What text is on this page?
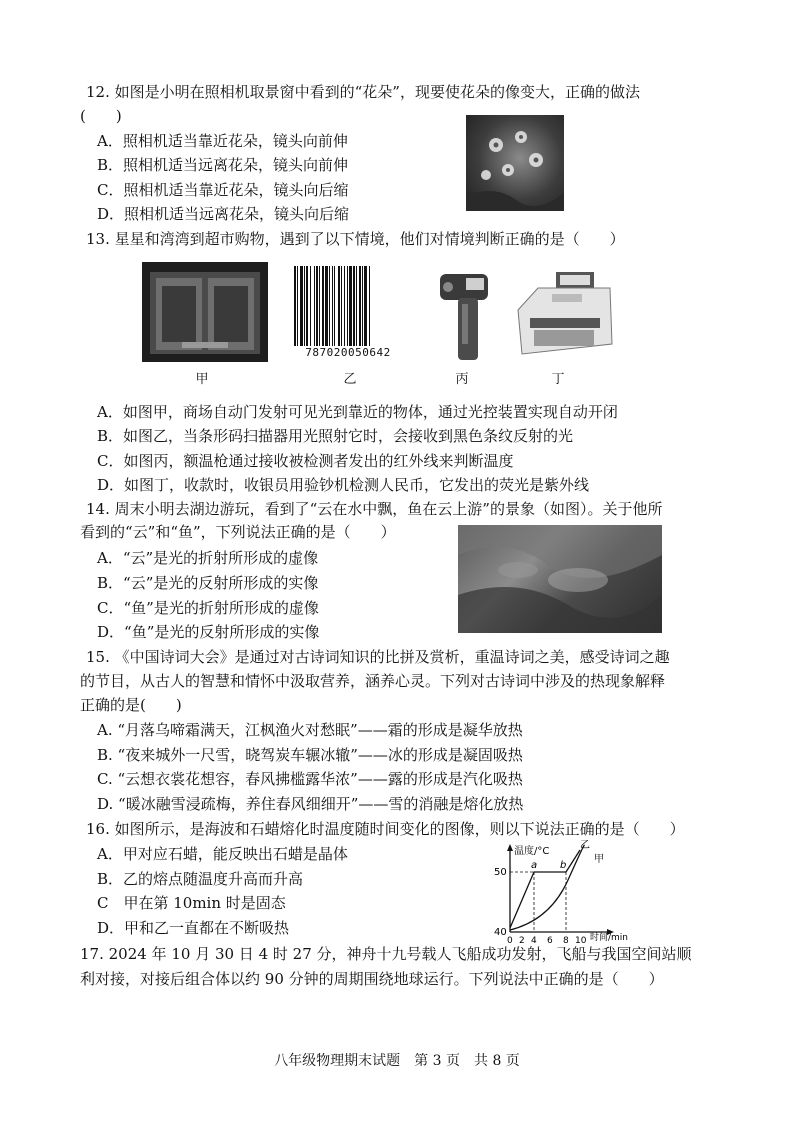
12. 如图是小明在照相机取景窗中看到的“花朵”，现要使花朵的像变大，正确的做法
(　　)
A．照相机适当靠近花朵，镜头向前伸
B．照相机适当远离花朵，镜头向前伸
C．照相机适当靠近花朵，镜头向后缩
D．照相机适当远离花朵，镜头向后缩
13. 星星和湾湾到超市购物，遇到了以下情境，他们对情境判断正确的是（　　）
787020050642
甲	乙	丙	丁
A．如图甲，商场自动门发射可见光到靠近的物体，通过光控装置实现自动开闭
B．如图乙，当条形码扫描器用光照射它时，会接收到黑色条纹反射的光
C．如图丙，额温枪通过接收被检测者发出的红外线来判断温度
D．如图丁，收款时，收银员用验钞机检测人民币，它发出的荧光是紫外线
14. 周末小明去湖边游玩，看到了“云在水中飘，鱼在云上游”的景象（如图）。关于他所
看到的“云”和“鱼”，下列说法正确的是（　　）
A．“云”是光的折射所形成的虚像
B．“云”是光的反射所形成的实像
C．“鱼”是光的折射所形成的虚像
D．“鱼”是光的反射所形成的实像
15. 《中国诗词大会》是通过对古诗词知识的比拼及赏析，重温诗词之美，感受诗词之趣
的节目，从古人的智慧和情怀中汲取营养，涵养心灵。下列对古诗词中涉及的热现象解释
正确的是(　　)
A. “月落乌啼霜满天，江枫渔火对愁眠”——霜的形成是凝华放热
B. “夜来城外一尺雪，晓驾炭车辗冰辙”——冰的形成是凝固吸热
C. “云想衣裳花想容，春风拂槛露华浓”——露的形成是汽化吸热
D. “暖冰融雪浸疏梅，养住春风细细开”——雪的消融是熔化放热
16. 如图所示，是海波和石蜡熔化时温度随时间变化的图像，则以下说法正确的是（　　）
A．甲对应石蜡，能反映出石蜡是晶体
B．乙的熔点随温度升高而升高
C　甲在第 10min 时是固态
D．甲和乙一直都在不断吸热
温度/°C
50
40
0 2 4 6 8 10 时间/min
a b
乙
甲
17. 2024 年 10 月 30 日 4 时 27 分，神舟十九号载人飞船成功发射，飞船与我国空间站顺
利对接，对接后组合体以约 90 分钟的周期围绕地球运行。下列说法中正确的是（　　）
八年级物理期末试题　第 3 页　共 8 页
